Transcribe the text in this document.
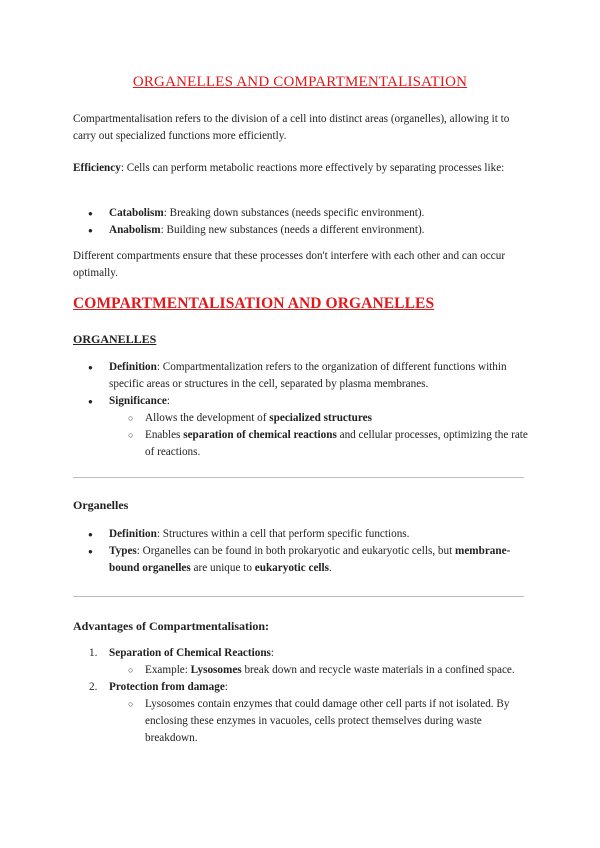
ORGANELLES AND COMPARTMENTALISATION

Compartmentalisation refers to the division of a cell into distinct areas (organelles), allowing it to carry out specialized functions more efficiently.

Efficiency: Cells can perform metabolic reactions more effectively by separating processes like:

● Catabolism: Breaking down substances (needs specific environment).
● Anabolism: Building new substances (needs a different environment).

Different compartments ensure that these processes don't interfere with each other and can occur optimally.

COMPARTMENTALISATION AND ORGANELLES
ORGANELLES
● Definition: Compartmentalization refers to the organization of different functions within specific areas or structures in the cell, separated by plasma membranes.
● Significance:
○ Allows the development of specialized structures
○ Enables separation of chemical reactions and cellular processes, optimizing the rate of reactions.
Organelles
● Definition: Structures within a cell that perform specific functions.
● Types: Organelles can be found in both prokaryotic and eukaryotic cells, but membrane-bound organelles are unique to eukaryotic cells.
Advantages of Compartmentalisation:
1. Separation of Chemical Reactions:
○ Example: Lysosomes break down and recycle waste materials in a confined space.
2. Protection from damage:
○ Lysosomes contain enzymes that could damage other cell parts if not isolated. By enclosing these enzymes in vacuoles, cells protect themselves during waste breakdown.
